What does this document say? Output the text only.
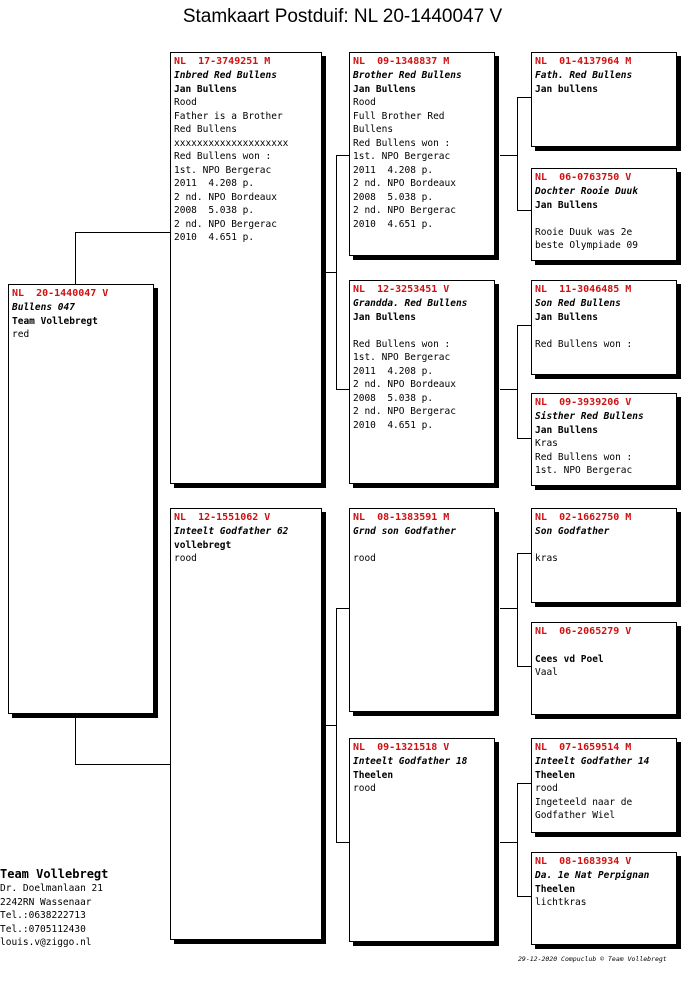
Stamkaart Postduif: NL 20-1440047 V
NL  20-1440047 V
Bullens 047
Team Vollebregt
red
NL  17-3749251 M
Inbred Red Bullens
Jan Bullens
Rood
Father is a Brother
Red Bullens
xxxxxxxxxxxxxxxxxxxx
Red Bullens won :
1st. NPO Bergerac
2011  4.208 p.
2 nd. NPO Bordeaux
2008  5.038 p.
2 nd. NPO Bergerac
2010  4.651 p.
NL  12-1551062 V
Inteelt Godfather 62
vollebregt
rood
NL  09-1348837 M
Brother Red Bullens
Jan Bullens
Rood
Full Brother Red
Bullens
Red Bullens won :
1st. NPO Bergerac
2011  4.208 p.
2 nd. NPO Bordeaux
2008  5.038 p.
2 nd. NPO Bergerac
2010  4.651 p.
NL  12-3253451 V
Grandda. Red Bullens
Jan Bullens

Red Bullens won :
1st. NPO Bergerac
2011  4.208 p.
2 nd. NPO Bordeaux
2008  5.038 p.
2 nd. NPO Bergerac
2010  4.651 p.
NL  08-1383591 M
Grnd son Godfather

rood
NL  09-1321518 V
Inteelt Godfather 18
Theelen
rood
NL  01-4137964 M
Fath. Red Bullens
Jan bullens
NL  06-0763750 V
Dochter Rooie Duuk
Jan Bullens

Rooie Duuk was 2e
beste Olympiade 09
NL  11-3046485 M
Son Red Bullens
Jan Bullens

Red Bullens won :
NL  09-3939206 V
Sisther Red Bullens
Jan Bullens
Kras
Red Bullens won :
1st. NPO Bergerac
NL  02-1662750 M
Son Godfather

kras
NL  06-2065279 V

Cees vd Poel
Vaal
NL  07-1659514 M
Inteelt Godfather 14
Theelen
rood
Ingeteeld naar de
Godfather Wiel
NL  08-1683934 V
Da. 1e Nat Perpignan
Theelen
lichtkras
Team Vollebregt
Dr. Doelmanlaan 21
2242RN Wassenaar
Tel.:0638222713
Tel.:0705112430
louis.v@ziggo.nl
29-12-2020 Compuclub © Team Vollebregt
